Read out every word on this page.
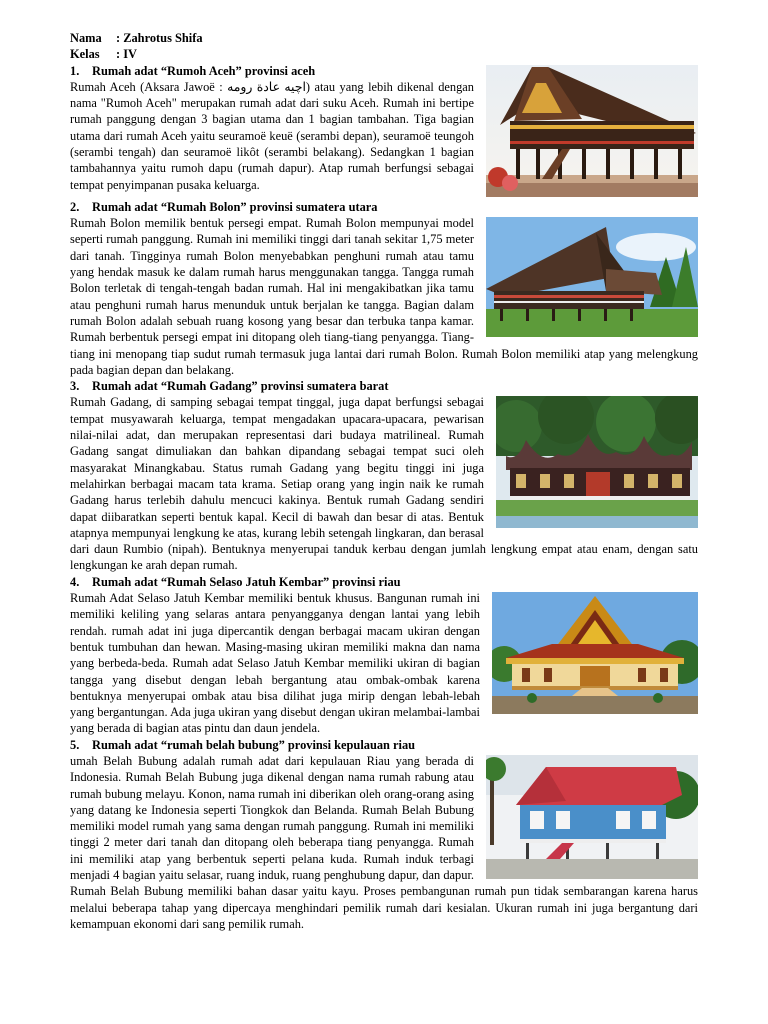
Nama : Zahrotus Shifa
Kelas : IV
1. Rumah adat “Rumoh Aceh” provinsi aceh

Rumah Aceh (Aksara Jawoë : اچيه عادة رومه) atau yang lebih dikenal dengan nama "Rumoh Aceh" merupakan rumah adat dari suku Aceh. Rumah ini bertipe rumah panggung dengan 3 bagian utama dan 1 bagian tambahan. Tiga bagian utama dari rumah Aceh yaitu seuramoë keuë (serambi depan), seuramoë teungoh (serambi tengah) dan seuramoë likôt (serambi belakang). Sedangkan 1 bagian tambahannya yaitu rumoh dapu (rumah dapur). Atap rumah berfungsi sebagai tempat penyimpanan pusaka keluarga.

2. Rumah adat “Rumah Bolon” provinsi sumatera utara

Rumah Bolon memilik bentuk persegi empat. Rumah Bolon mempunyai model seperti rumah panggung. Rumah ini memiliki tinggi dari tanah sekitar 1,75 meter dari tanah. Tingginya rumah Bolon menyebabkan penghuni rumah atau tamu yang hendak masuk ke dalam rumah harus menggunakan tangga. Tangga rumah Bolon terletak di tengah-tengah badan rumah. Hal ini mengakibatkan jika tamu atau penghuni rumah harus menunduk untuk berjalan ke tangga. Bagian dalam rumah Bolon adalah sebuah ruang kosong yang besar dan terbuka tanpa kamar. Rumah berbentuk persegi empat ini ditopang oleh tiang-tiang penyangga. Tiang-tiang ini menopang tiap sudut rumah termasuk juga lantai dari rumah Bolon. Rumah Bolon memiliki atap yang melengkung pada bagian depan dan belakang.

3. Rumah adat “Rumah Gadang” provinsi sumatera barat

Rumah Gadang, di samping sebagai tempat tinggal, juga dapat berfungsi sebagai tempat musyawarah keluarga, tempat mengadakan upacara-upacara, pewarisan nilai-nilai adat, dan merupakan representasi dari budaya matrilineal. Rumah Gadang sangat dimuliakan dan bahkan dipandang sebagai tempat suci oleh masyarakat Minangkabau. Status rumah Gadang yang begitu tinggi ini juga melahirkan berbagai macam tata krama. Setiap orang yang ingin naik ke rumah Gadang harus terlebih dahulu mencuci kakinya. Bentuk rumah Gadang sendiri dapat diibaratkan seperti bentuk kapal. Kecil di bawah dan besar di atas. Bentuk atapnya mempunyai lengkung ke atas, kurang lebih setengah lingkaran, dan berasal dari daun Rumbio (nipah). Bentuknya menyerupai tanduk kerbau dengan jumlah lengkung empat atau enam, dengan satu lengkungan ke arah depan rumah.

4. Rumah adat “Rumah Selaso Jatuh Kembar” provinsi riau

Rumah Adat Selaso Jatuh Kembar memiliki bentuk khusus. Bangunan rumah ini memiliki keliling yang selaras antara penyangganya dengan lantai yang lebih rendah. rumah adat ini juga dipercantik dengan berbagai macam ukiran dengan bentuk tumbuhan dan hewan. Masing-masing ukiran memiliki makna dan nama yang berbeda-beda. Rumah adat Selaso Jatuh Kembar memiliki ukiran di bagian tangga yang disebut dengan lebah bergantung atau ombak-ombak karena bentuknya menyerupai ombak atau bisa dilihat juga mirip dengan lebah-lebah yang bergantungan. Ada juga ukiran yang disebut dengan ukiran melambai-lambai yang berada di bagian atas pintu dan daun jendela.

5. Rumah adat “rumah belah bubung” provinsi kepulauan riau

umah Belah Bubung adalah rumah adat dari kepulauan Riau yang berada di Indonesia. Rumah Belah Bubung juga dikenal dengan nama rumah rabung atau rumah bubung melayu. Konon, nama rumah ini diberikan oleh orang-orang asing yang datang ke Indonesia seperti Tiongkok dan Belanda. Rumah Belah Bubung memiliki model rumah yang sama dengan rumah panggung. Rumah ini memiliki tinggi 2 meter dari tanah dan ditopang oleh beberapa tiang penyangga. Rumah ini memiliki atap yang berbentuk seperti pelana kuda. Rumah induk terbagi menjadi 4 bagian yaitu selasar, ruang induk, ruang penghubung dapur, dan dapur. Rumah Belah Bubung memiliki bahan dasar yaitu kayu. Proses pembangunan rumah pun tidak sembarangan karena harus melalui beberapa tahap yang dipercaya menghindari pemilik rumah dari kesialan. Ukuran rumah ini juga bergantung dari kemampuan ekonomi dari sang pemilik rumah.
